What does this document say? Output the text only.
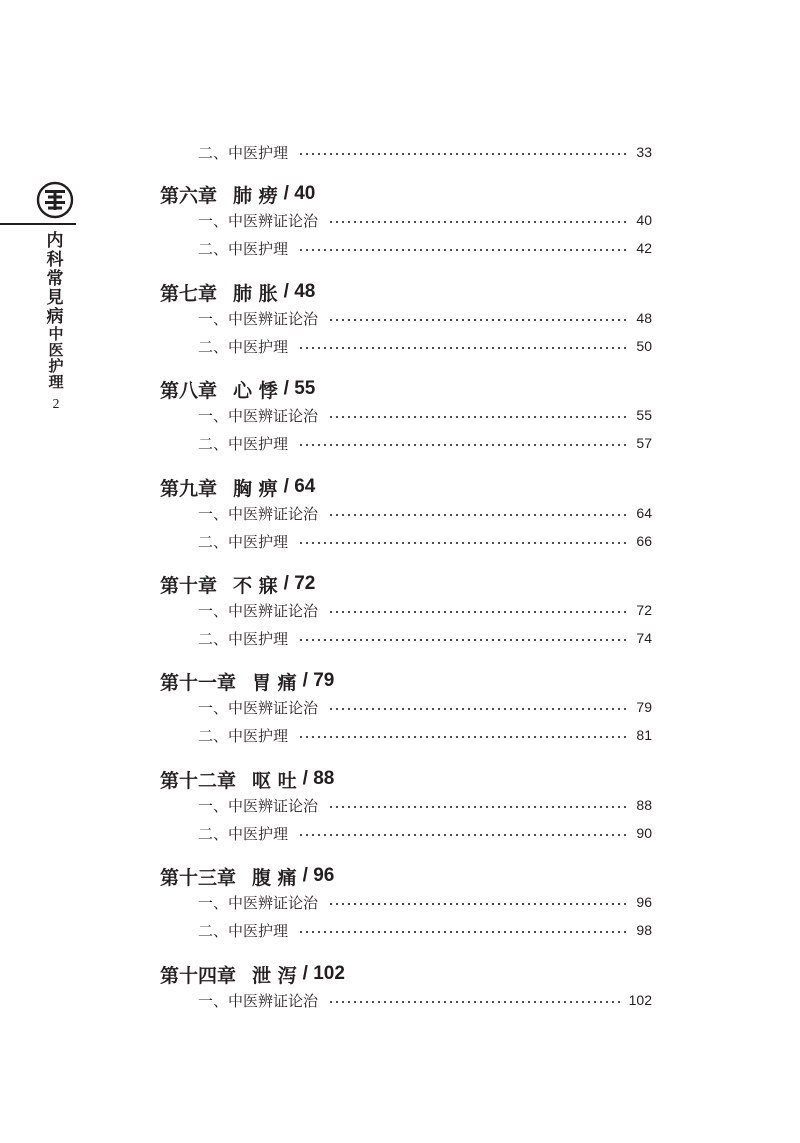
内科常見病
中医护理
2
二、中医护理	33
第六章 肺 痨 / 40
一、中医辨证论治	40
二、中医护理	42
第七章 肺 胀 / 48
一、中医辨证论治	48
二、中医护理	50
第八章 心 悸 / 55
一、中医辨证论治	55
二、中医护理	57
第九章 胸 痹 / 64
一、中医辨证论治	64
二、中医护理	66
第十章 不 寐 / 72
一、中医辨证论治	72
二、中医护理	74
第十一章 胃 痛 / 79
一、中医辨证论治	79
二、中医护理	81
第十二章 呕 吐 / 88
一、中医辨证论治	88
二、中医护理	90
第十三章 腹 痛 / 96
一、中医辨证论治	96
二、中医护理	98
第十四章 泄 泻 / 102
一、中医辨证论治	102
